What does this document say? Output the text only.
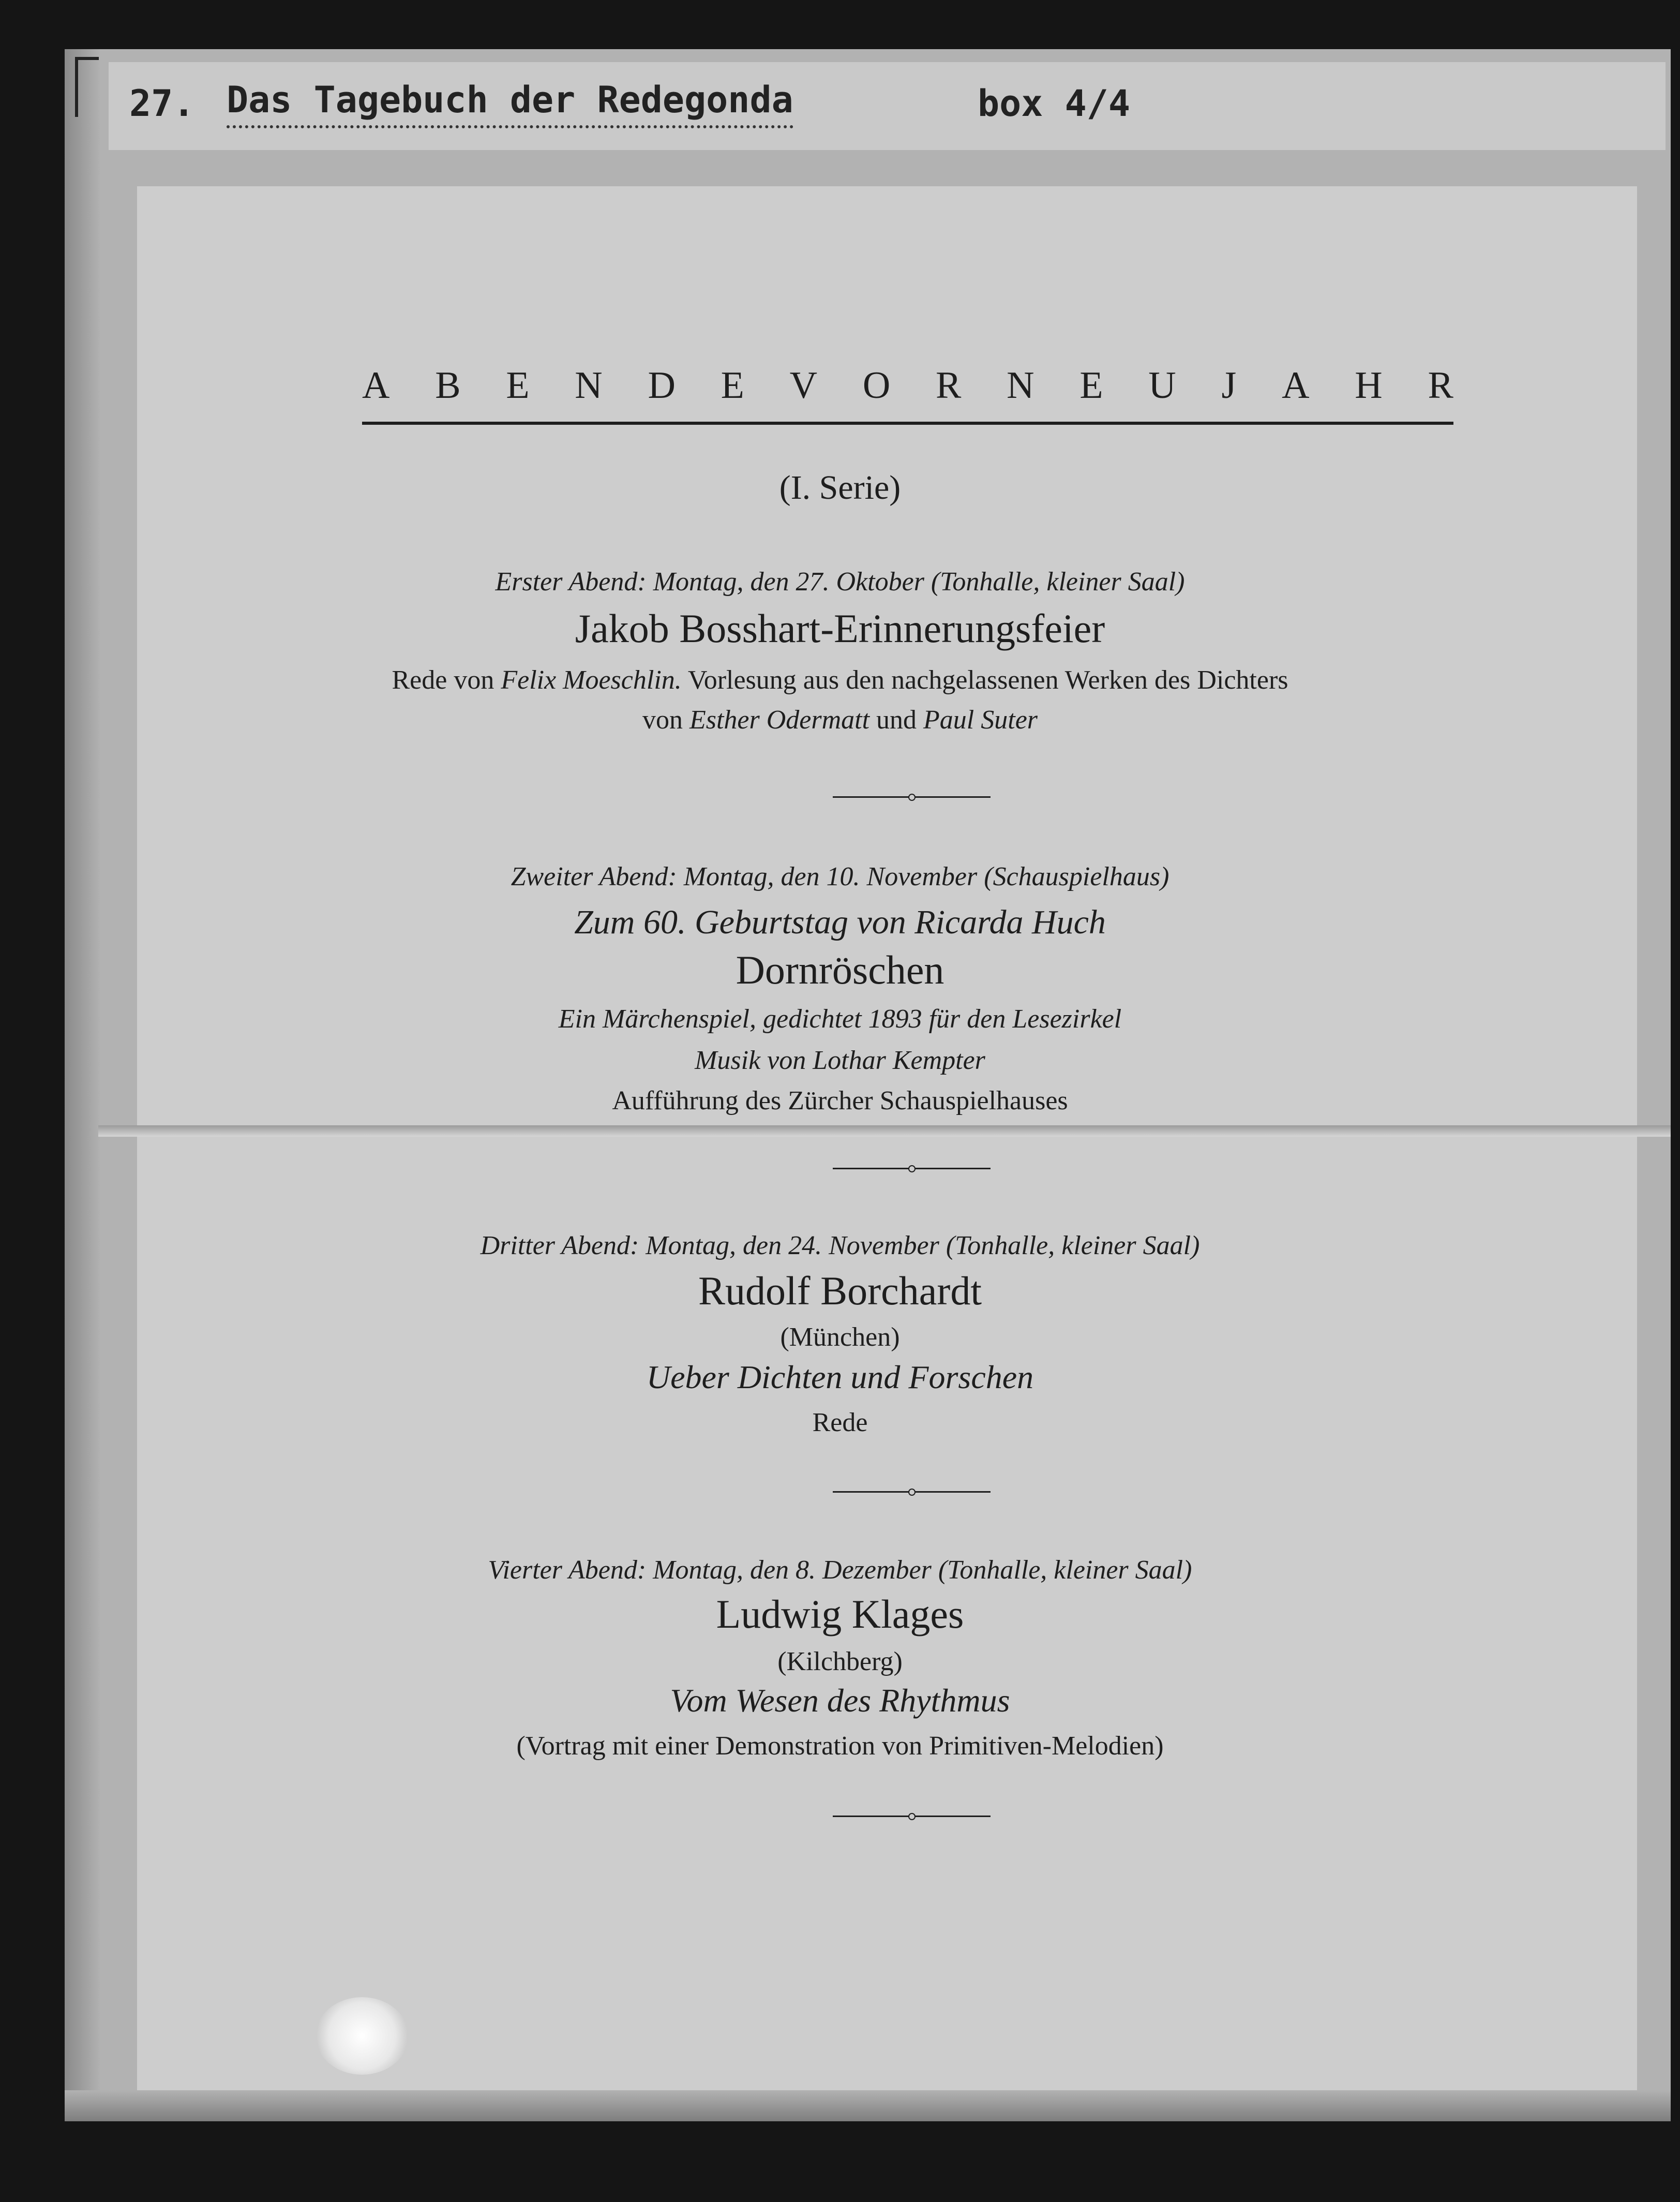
27. Das Tagebuch der Redegonda	box 4/4
A B E N D E V O R N E U J A H R

(I. Serie)

Erster Abend: Montag, den 27. Oktober (Tonhalle, kleiner Saal)

Jakob Bosshart-Erinnerungsfeier

Rede von Felix Moeschlin. Vorlesung aus den nachgelassenen Werken des Dichters

von Esther Odermatt und Paul Suter

Zweiter Abend: Montag, den 10. November (Schauspielhaus)

Zum 60. Geburtstag von Ricarda Huch

Dornröschen

Ein Märchenspiel, gedichtet 1893 für den Lesezirkel

Musik von Lothar Kempter

Aufführung des Zürcher Schauspielhauses

Dritter Abend: Montag, den 24. November (Tonhalle, kleiner Saal)

Rudolf Borchardt

(München)

Ueber Dichten und Forschen

Rede

Vierter Abend: Montag, den 8. Dezember (Tonhalle, kleiner Saal)

Ludwig Klages

(Kilchberg)

Vom Wesen des Rhythmus

(Vortrag mit einer Demonstration von Primitiven-Melodien)
